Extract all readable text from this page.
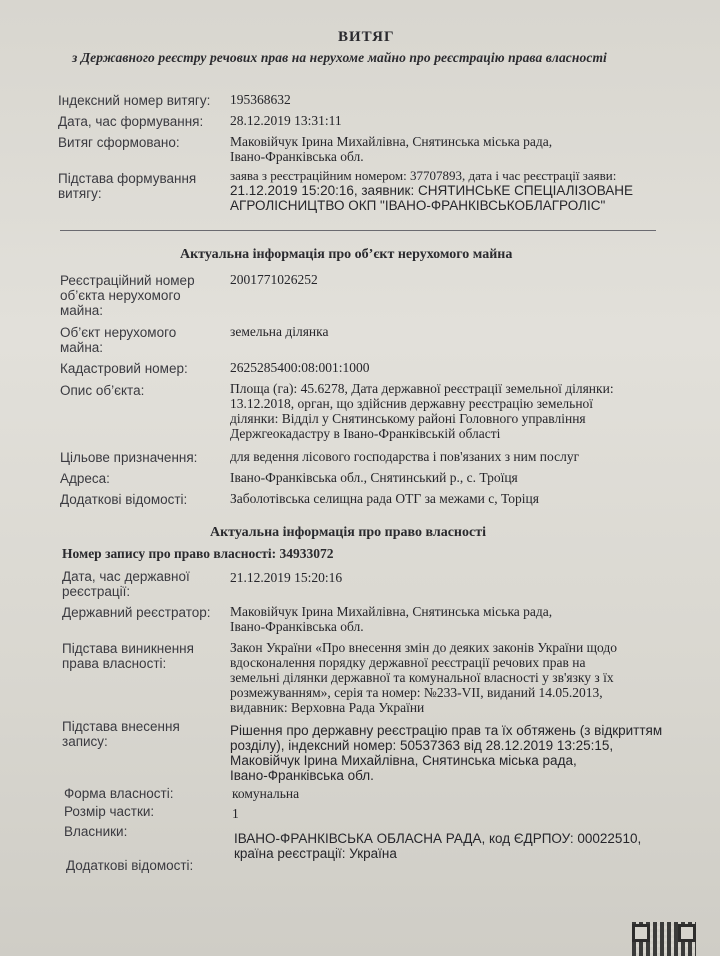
ВИТЯГ
з Державного реєстру речових прав на нерухоме майно про реєстрацію права власності
Індексний номер витягу: 195368632
Дата, час формування: 28.12.2019 13:31:11
Витяг сформовано:	Маковійчук Ірина Михайлівна, Снятинська міська рада,
Івано-Франківська обл.
Підстава формування
витягу:
заява з реєстраційним номером: 37707893, дата і час реєстрації заяви:
21.12.2019 15:20:16, заявник: СНЯТИНСЬКЕ СПЕЦІАЛІЗОВАНЕ
АГРОЛІСНИЦТВО ОКП "ІВАНО-ФРАНКІВСЬКОБЛАГРОЛІС"
Актуальна інформація про об’єкт нерухомого майна
Реєстраційний номер
об’єкта нерухомого
майна:
2001771026252
Об’єкт нерухомого
майна:
земельна ділянка
Кадастровий номер:	2625285400:08:001:1000
Опис об’єкта:	Площа (га): 45.6278, Дата державної реєстрації земельної ділянки:
13.12.2018, орган, що здійснив державну реєстрацію земельної
ділянки: Відділ у Снятинському районі Головного управління
Держгеокадастру в Івано-Франківській області
Цільове призначення: для ведення лісового господарства і пов'язаних з ним послуг
Адреса:	Івано-Франківська обл., Снятинський р., с. Троїця
Додаткові відомості:	Заболотівська селищна рада ОТГ за межами с, Торіця
Актуальна інформація про право власності
Номер запису про право власності: 34933072
Дата, час державної
реєстрації:
21.12.2019 15:20:16
Державний реєстратор: Маковійчук Ірина Михайлівна, Снятинська міська рада,
Івано-Франківська обл.
Підстава виникнення
права власності:
Закон України «Про внесення змін до деяких законів України щодо
вдосконалення порядку державної реєстрації речових прав на
земельні ділянки державної та комунальної власності у зв'язку з їх
розмежуванням», серія та номер: №233-VII, виданий 14.05.2013,
видавник: Верховна Рада України
Підстава внесення
запису:
Рішення про державну реєстрацію прав та їх обтяжень (з відкриттям
розділу), індексний номер: 50537363 від 28.12.2019 13:25:15,
Маковійчук Ірина Михайлівна, Снятинська міська рада,
Івано-Франківська обл.
Форма власності:	комунальна
Розмір частки:	1
Власники:	ІВАНО-ФРАНКІВСЬКА ОБЛАСНА РАДА, код ЄДРПОУ: 00022510,
країна реєстрації: Україна
Додаткові відомості:
